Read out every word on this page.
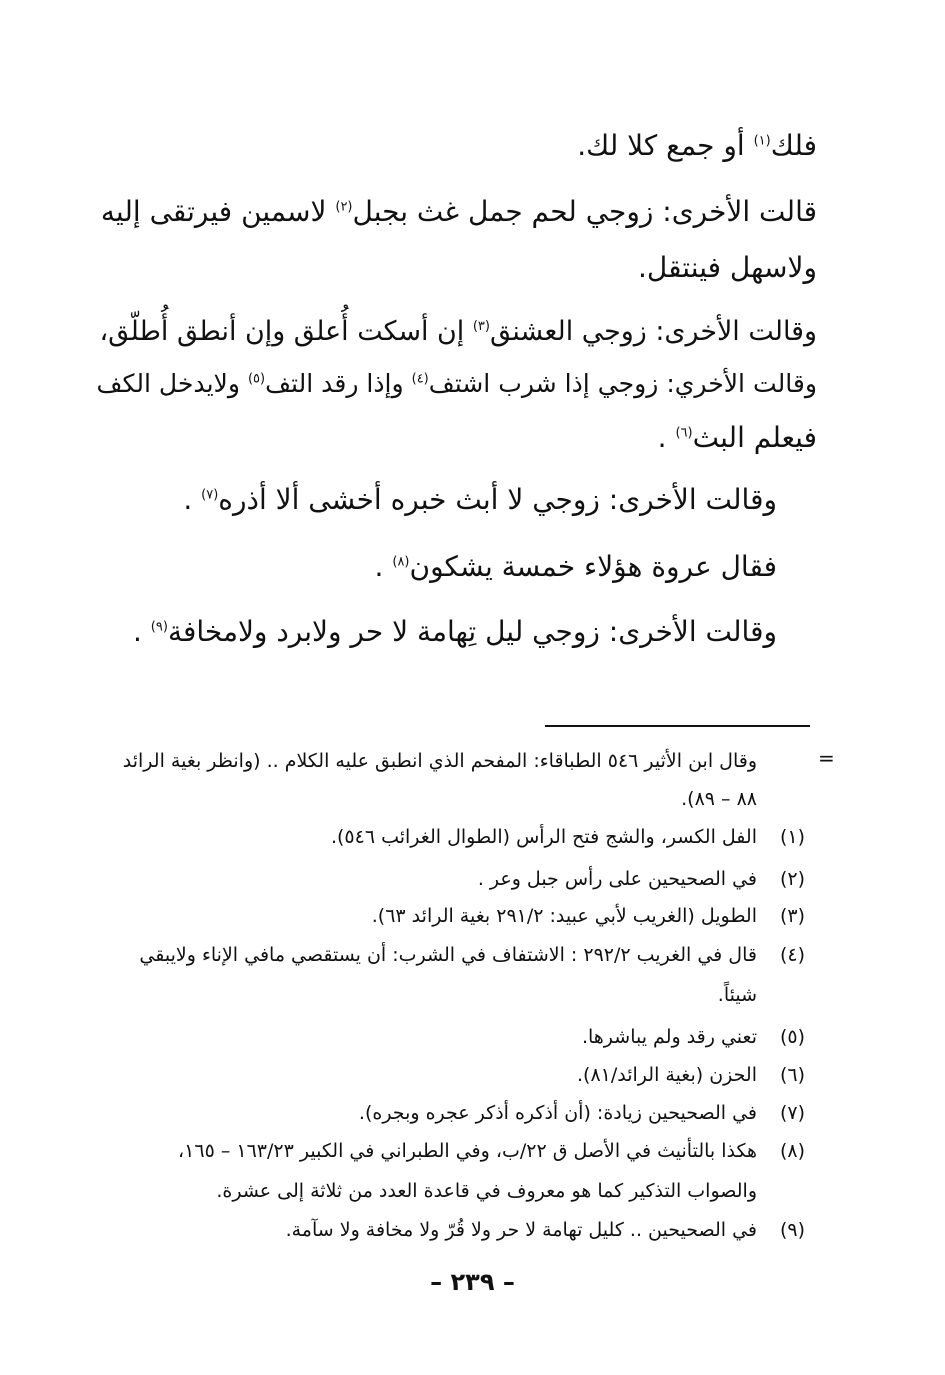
فلك$^{(١)}$ أو جمع كلا لك.
قالت الأخرى: زوجي لحم جمل غث بجبل$^{(٢)}$ لاسمين فيرتقى إليه
ولاسهل فينتقل.
وقالت الأخرى: زوجي العشنق$^{(٣)}$ إن أسكت أُعلق وإن أنطق أُطلّق،
وقالت الأخري: زوجي إذا شرب اشتف$^{(٤)}$ وإذا رقد التف$^{(٥)}$ ولايدخل الكف
فيعلم البث$^{(٦)}$ .
وقالت الأخرى: زوجي لا أبث خبره أخشى ألا أذره$^{(٧)}$ .
فقال عروة هؤلاء خمسة يشكون$^{(٨)}$ .
وقالت الأخرى: زوجي ليل تِهامة لا حر ولابرد ولامخافة$^{(٩)}$ .
=
وقال ابن الأثير ٥٤٦ الطباقاء: المفحم الذي انطبق عليه الكلام .. (وانظر بغية الرائد
٨٨ – ٨٩).
(١)الفل الكسر، والشج فتح الرأس (الطوال الغرائب ٥٤٦).
(٢)في الصحيحين على رأس جبل وعر .
(٣)الطويل (الغريب لأبي عبيد: ٢٩١/٢ بغية الرائد ٦٣).
(٤)قال في الغريب ٢٩٢/٢ : الاشتفاف في الشرب: أن يستقصي مافي الإناء ولايبقي
شيئاً.
(٥)تعني رقد ولم يباشرها.
(٦)الحزن (بغية الرائد/٨١).
(٧)في الصحيحين زيادة: (أن أذكره أذكر عجره وبجره).
(٨)هكذا بالتأنيث في الأصل ق ٢٢/ب، وفي الطبراني في الكبير ١٦٣/٢٣ – ١٦٥،
والصواب التذكير كما هو معروف في قاعدة العدد من ثلاثة إلى عشرة.
(٩)في الصحيحين .. كليل تهامة لا حر ولا قُرّ ولا مخافة ولا سآمة.
– ٢٣٩ –
